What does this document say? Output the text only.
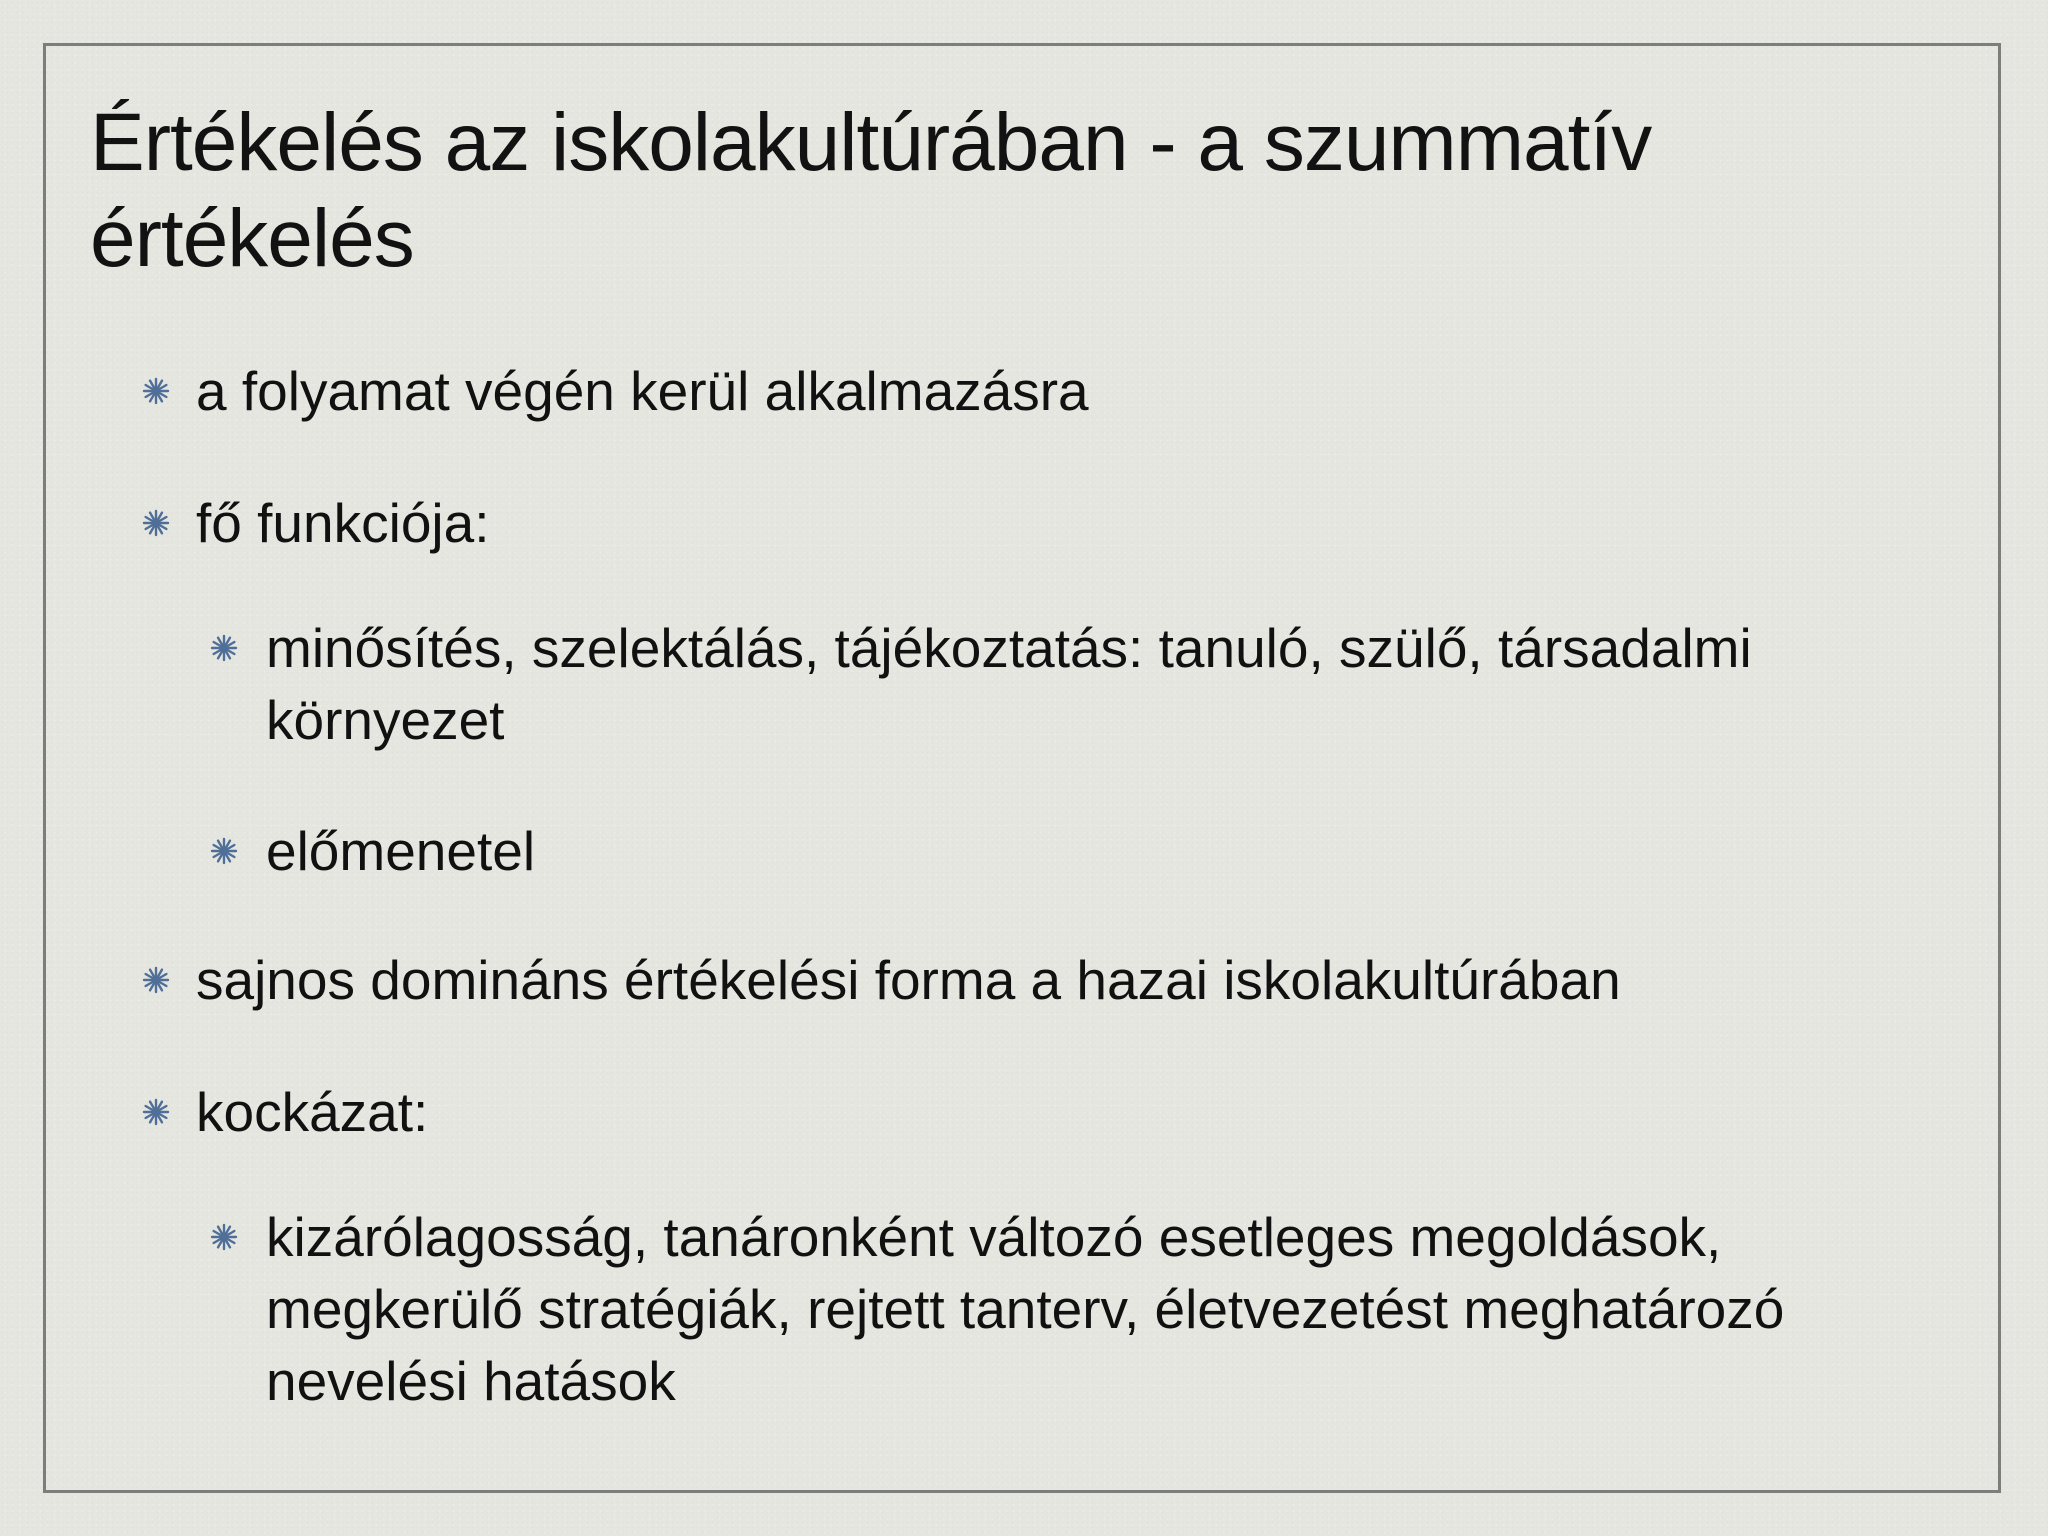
Értékelés az iskolakultúrában - a szummatív értékelés
a folyamat végén kerül alkalmazásra
fő funkciója:
minősítés, szelektálás, tájékoztatás: tanuló, szülő, társadalmi környezet
előmenetel
sajnos domináns értékelési forma a hazai iskolakultúrában
kockázat:
kizárólagosság, tanáronként változó esetleges megoldások, megkerülő stratégiák, rejtett tanterv, életvezetést meghatározó nevelési hatások
